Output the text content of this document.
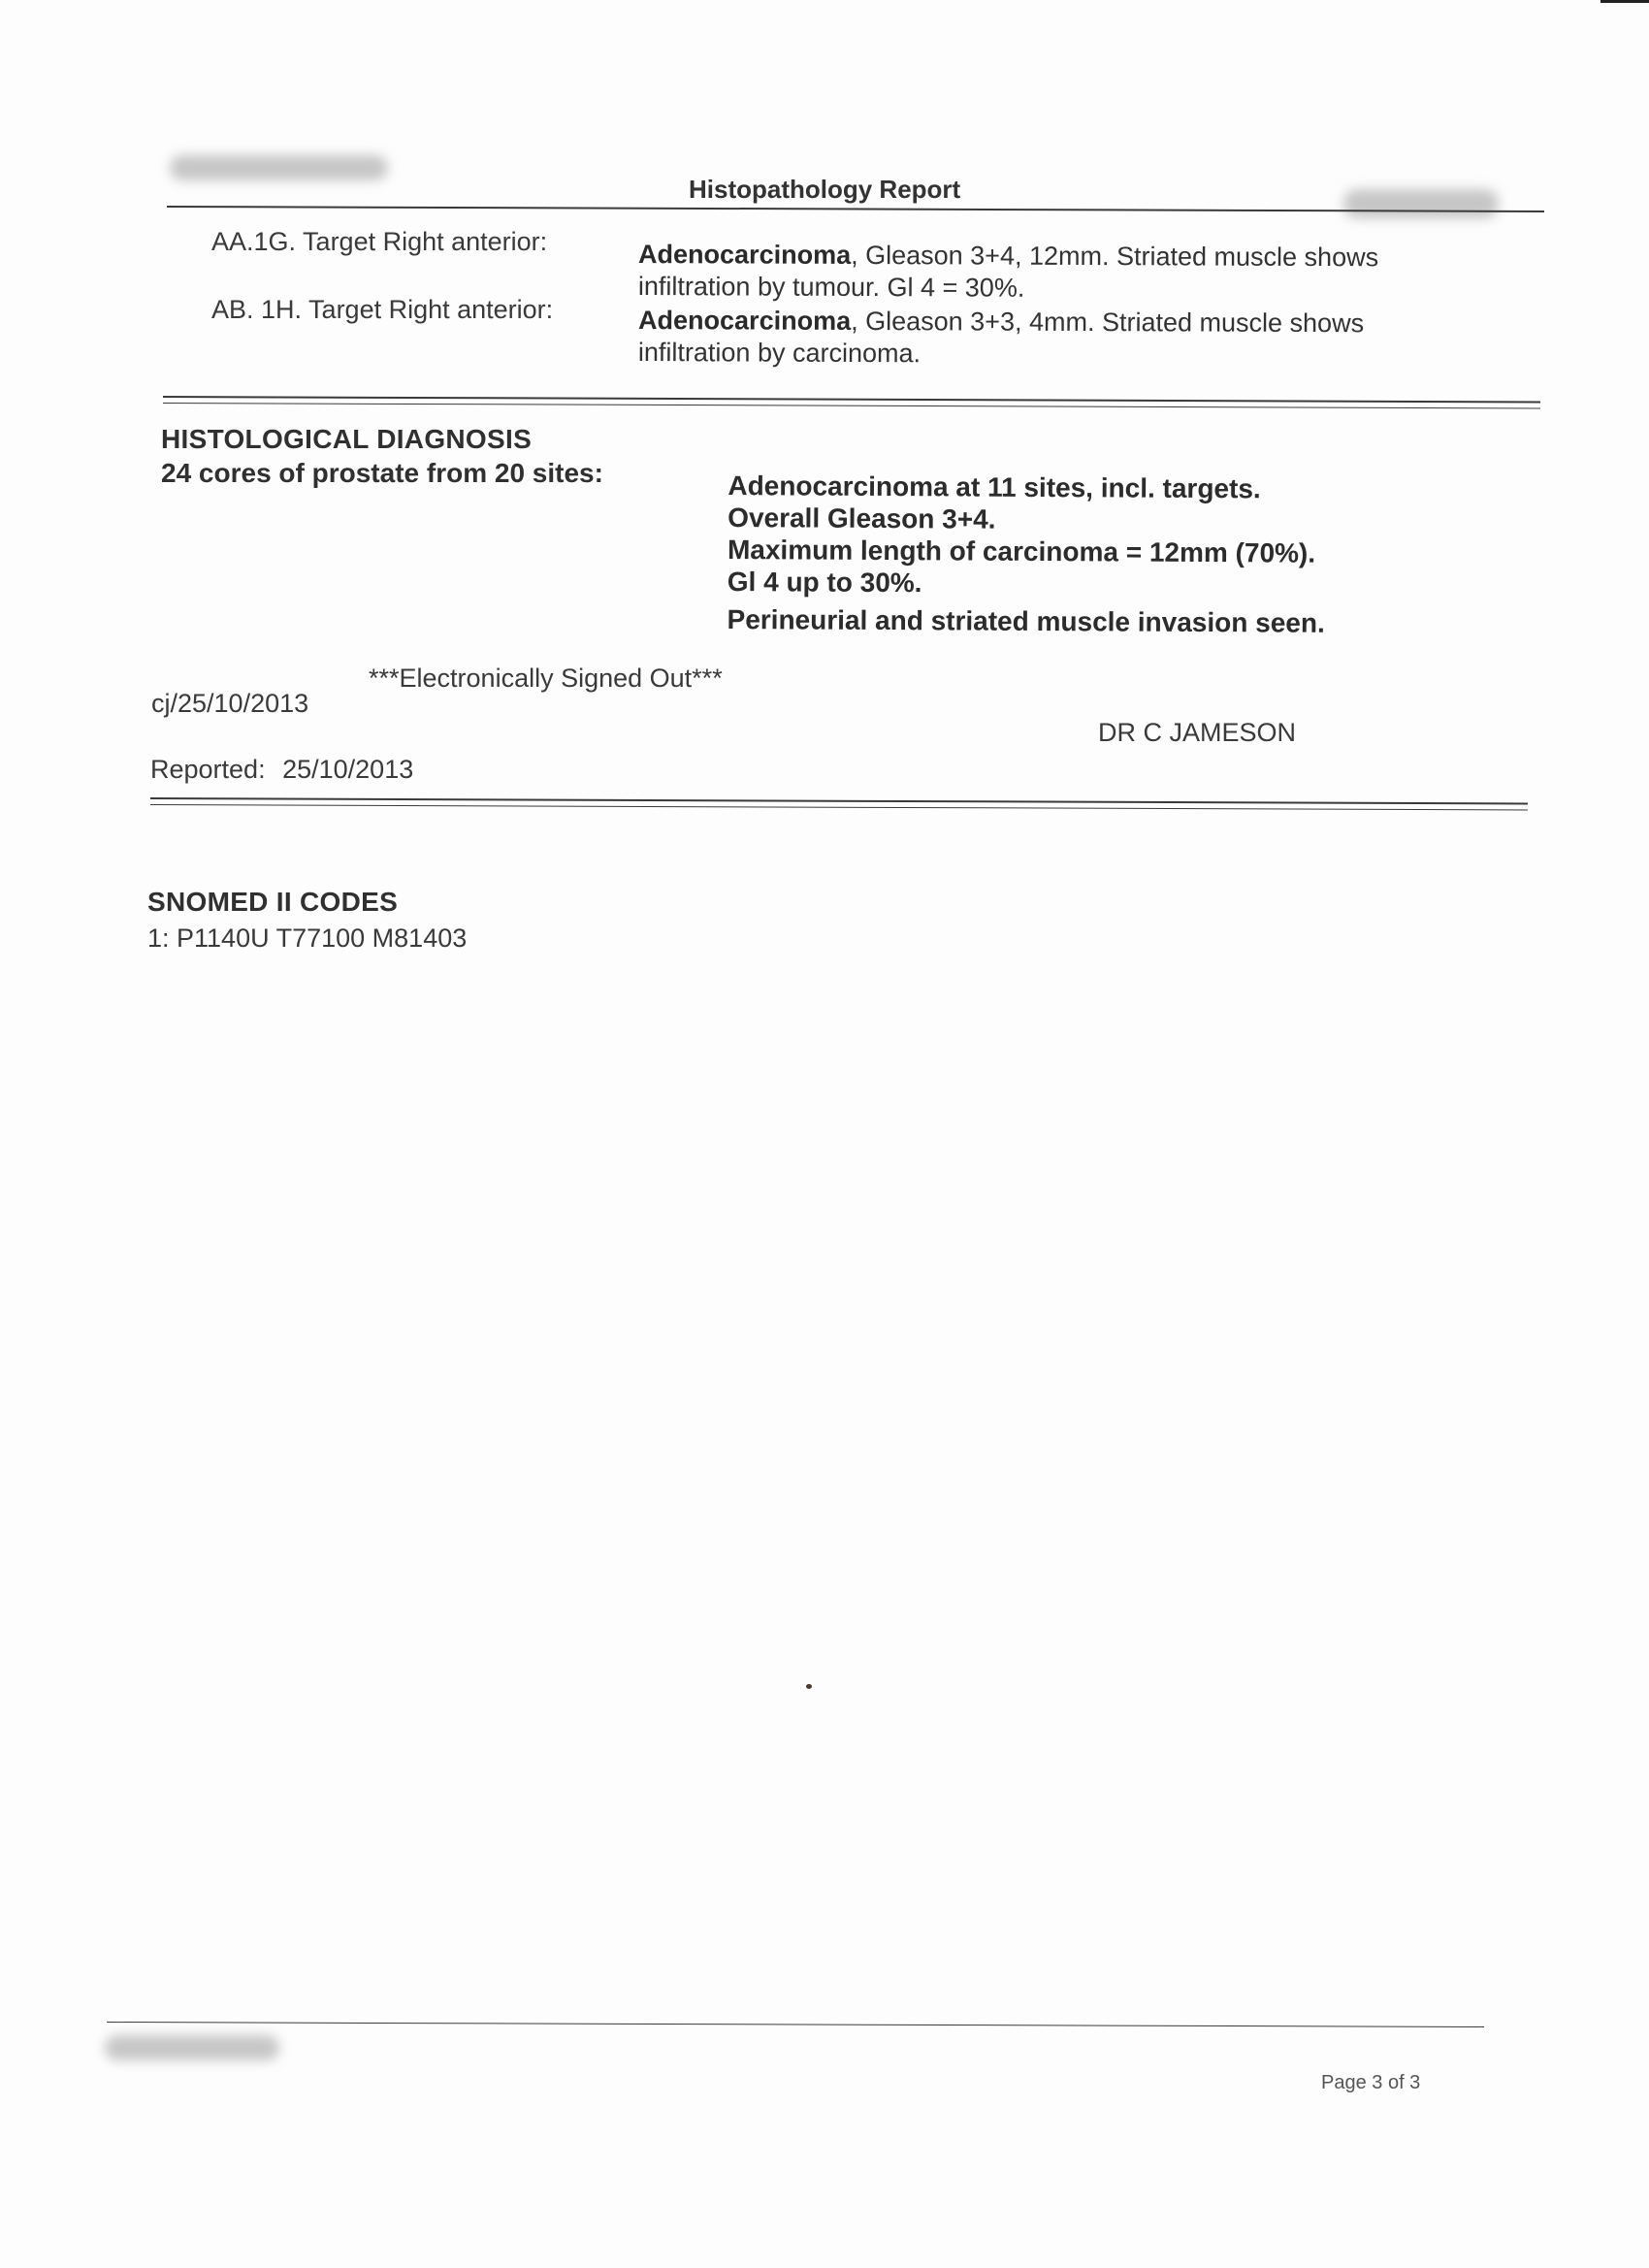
Histopathology Report
AA.1G. Target Right anterior:	Adenocarcinoma, Gleason 3+4, 12mm. Striated muscle shows infiltration by tumour. Gl 4 = 30%.
AB. 1H. Target Right anterior:	Adenocarcinoma, Gleason 3+3, 4mm. Striated muscle shows infiltration by carcinoma.
HISTOLOGICAL DIAGNOSIS
24 cores of prostate from 20 sites:	Adenocarcinoma at 11 sites, incl. targets.
Overall Gleason 3+4.
Maximum length of carcinoma = 12mm (70%).
Gl 4 up to 30%.
Perineurial and striated muscle invasion seen.
***Electronically Signed Out***
cj/25/10/2013
DR C JAMESON
Reported: 25/10/2013
SNOMED II CODES
1: P1140U T77100 M81403
Page 3 of 3
